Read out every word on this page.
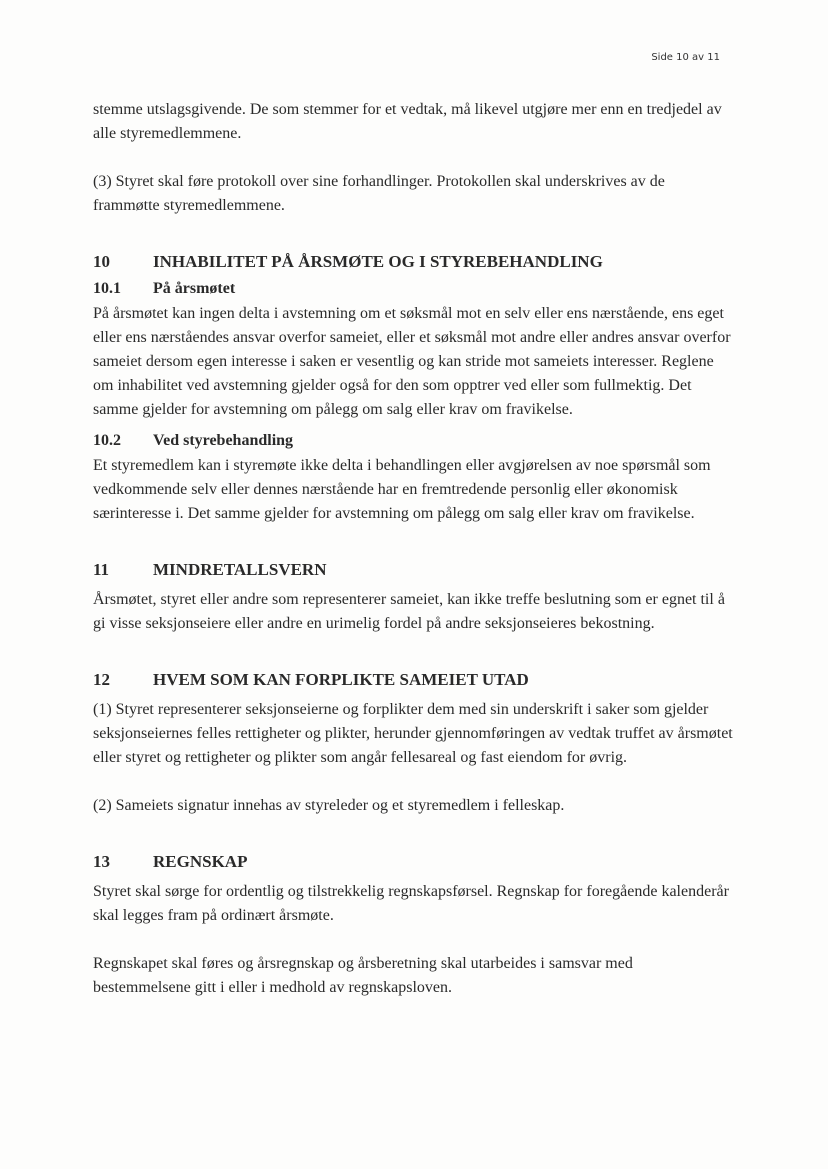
Side 10 av 11

stemme utslagsgivende. De som stemmer for et vedtak, må likevel utgjøre mer enn en tredjedel av alle styremedlemmene.

(3) Styret skal føre protokoll over sine forhandlinger. Protokollen skal underskrives av de frammøtte styremedlemmene.

10	INHABILITET PÅ ÅRSMØTE OG I STYREBEHANDLING
10.1	På årsmøtet

På årsmøtet kan ingen delta i avstemning om et søksmål mot en selv eller ens nærstående, ens eget eller ens nærståendes ansvar overfor sameiet, eller et søksmål mot andre eller andres ansvar overfor sameiet dersom egen interesse i saken er vesentlig og kan stride mot sameiets interesser. Reglene om inhabilitet ved avstemning gjelder også for den som opptrer ved eller som fullmektig. Det samme gjelder for avstemning om pålegg om salg eller krav om fravikelse.

10.2	Ved styrebehandling

Et styremedlem kan i styremøte ikke delta i behandlingen eller avgjørelsen av noe spørsmål som vedkommende selv eller dennes nærstående har en fremtredende personlig eller økonomisk særinteresse i. Det samme gjelder for avstemning om pålegg om salg eller krav om fravikelse.

11	MINDRETALLSVERN

Årsmøtet, styret eller andre som representerer sameiet, kan ikke treffe beslutning som er egnet til å gi visse seksjonseiere eller andre en urimelig fordel på andre seksjonseieres bekostning.

12	HVEM SOM KAN FORPLIKTE SAMEIET UTAD

(1) Styret representerer seksjonseierne og forplikter dem med sin underskrift i saker som gjelder seksjonseiernes felles rettigheter og plikter, herunder gjennomføringen av vedtak truffet av årsmøtet eller styret og rettigheter og plikter som angår fellesareal og fast eiendom for øvrig.

(2) Sameiets signatur innehas av styreleder og et styremedlem i felleskap.

13	REGNSKAP

Styret skal sørge for ordentlig og tilstrekkelig regnskapsførsel. Regnskap for foregående kalenderår skal legges fram på ordinært årsmøte.

Regnskapet skal føres og årsregnskap og årsberetning skal utarbeides i samsvar med bestemmelsene gitt i eller i medhold av regnskapsloven.
